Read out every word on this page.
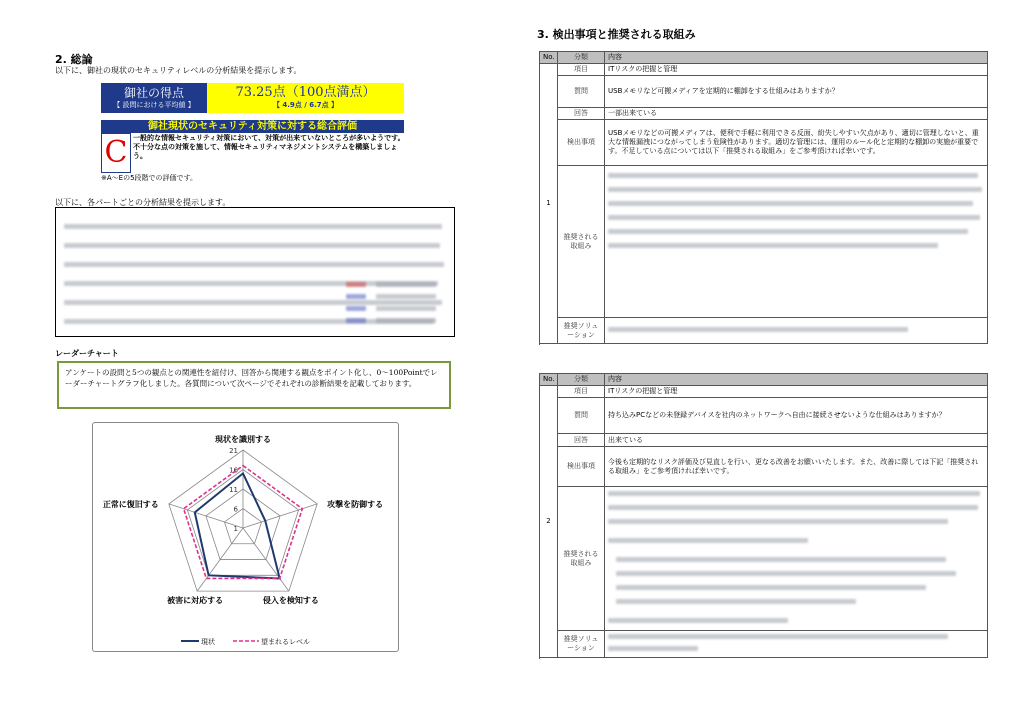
2. 総論
以下に、御社の現状のセキュリティレベルの分析結果を提示します。
御社の得点
【 設問における平均値 】
73.25点（100点満点）
【 4.9点 / 6.7点 】
御社現状のセキュリティ対策に対する総合評価
C 一般的な情報セキュリティ対策において、対策が出来ていないところが多いようです。不十分な点の対策を施して、情報セキュリティマネジメントシステムを構築しましょう。
※A～Eの5段階での評価です。
以下に、各パートごとの分析結果を提示します。

レーダーチャート
アンケートの設問と5つの観点との関連性を紐付け、回答から関連する観点をポイント化し、0～100Pointでレーダーチャートグラフ化しました。各質問について次ページでそれぞれの診断結果を記載しております。
1
6
11
16
21
現状を識別する
攻撃を防御する
侵入を検知する
被害に対応する
正常に復旧する
現状	望まれるレベル
3. 検出事項と推奨される取組み
No.	分類	内容
1	項目	ITリスクの把握と管理
	質問	USBメモリなど可搬メディアを定期的に棚卸をする仕組みはありますか？
	回答	一部出来ている
	検出事項	USBメモリなどの可搬メディアは、便利で手軽に利用できる反面、紛失しやすい欠点があり、適切に管理しないと、重大な情報漏洩につながってしまう危険性があります。適切な管理には、運用のルール化と定期的な棚卸の実施が重要です。不足している点については以下「推奨される取組み」をご参考頂ければ幸いです。
	推奨される取組み	

	推奨ソリューション	

No.	分類	内容
2	項目	ITリスクの把握と管理
	質問	持ち込みPCなどの未登録デバイスを社内のネットワークへ自由に接続させないような仕組みはありますか？
	回答	出来ている
	検出事項	今後も定期的なリスク評価及び見直しを行い、更なる改善をお願いいたします。また、改善に際しては下記「推奨される取組み」をご参考頂ければ幸いです。
	推奨される取組み	
	推奨ソリューション	
